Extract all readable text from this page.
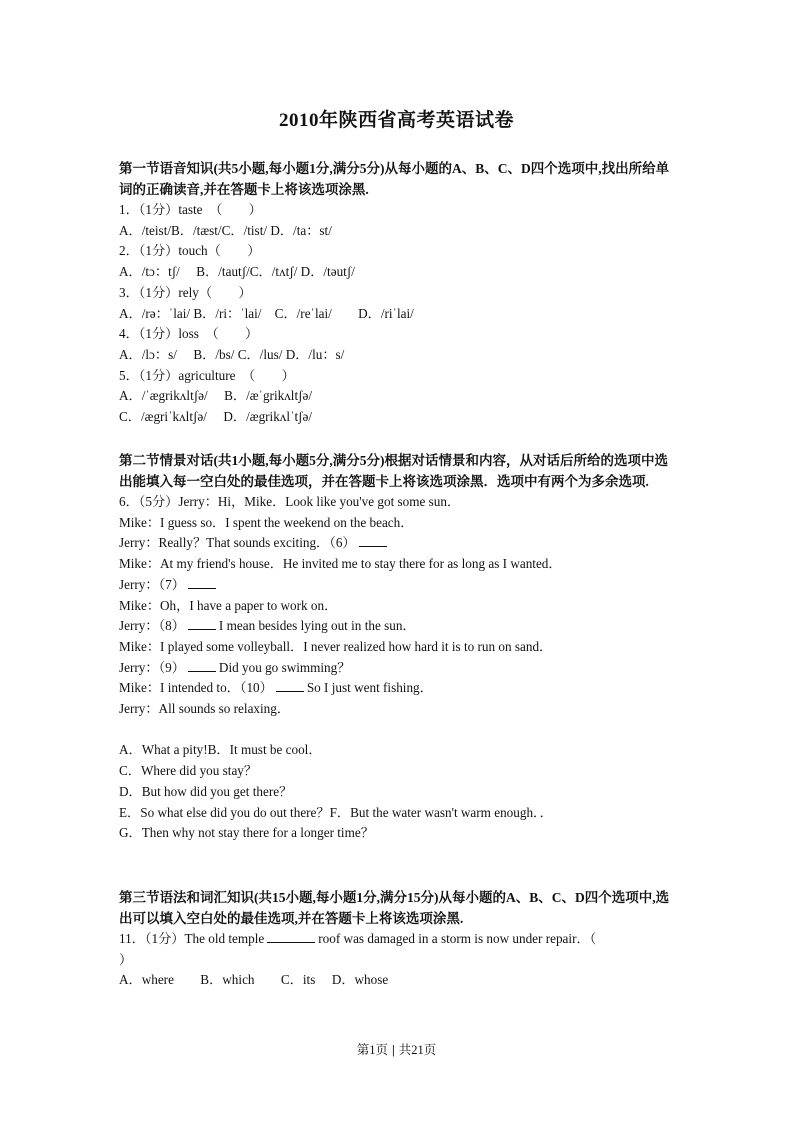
2010年陕西省高考英语试卷
第一节语音知识(共5小题,每小题1分,满分5分)从每小题的A、B、C、D四个选项中,找出所给单词的正确读音,并在答题卡上将该选项涂黑.
1．（1分）taste　（　　）
A．/teist/B．/tæst/C．/tist/ D．/ta：st/
2．（1分）touch（　　）
A．/tɔ：tʃ/　 B．/tautʃ/C．/tʌtʃ/ D．/təutʃ/
3．（1分）rely（　　）
A．/rə：ˈlai/ B．/ri：ˈlai/　C．/reˈlai/　　D．/riˈlai/
4．（1分）loss　（　　）
A．/lɔ：s/　 B．/bs/ C．/lus/ D．/lu：s/
5．（1分）agriculture　（　　）
A．/ˈægrikʌltʃə/　 B．/æˈgrikʌltʃə/
C．/ægriˈkʌltʃə/　 D．/ægrikʌlˈtʃə/
第二节情景对话(共1小题,每小题5分,满分5分)根据对话情景和内容，从对话后所给的选项中选出能填入每一空白处的最佳选项，并在答题卡上将该选项涂黑．选项中有两个为多余选项.
6．（5分）Jerry：Hi，Mike．Look like you've got some sun．
Mike：I guess so．I spent the weekend on the beach．
Jerry：Really？That sounds exciting．（6）
Mike：At my friend's house．He invited me to stay there for as long as I wanted．
Jerry：（7）
Mike：Oh，I have a paper to work on．
Jerry：（8）	I mean besides lying out in the sun．
Mike：I played some volleyball．I never realized how hard it is to run on sand．
Jerry：（9）	Did you go swimming？
Mike：I intended to．（10）	So I just went fishing．
Jerry：All sounds so relaxing．
A．What a pity!B．It must be cool．
C．Where did you stay？
D．But how did you get there？
E．So what else did you do out there？F．But the water wasn't warm enough．．
G．Then why not stay there for a longer time？
第三节语法和词汇知识(共15小题,每小题1分,满分15分)从每小题的A、B、C、D四个选项中,选出可以填入空白处的最佳选项,并在答题卡上将该选项涂黑.
11．（1分）The old temple	roof was damaged in a storm is now under repair．（
）
A．where　　B．which　　C．its　 D．whose
第1页 | 共21页
